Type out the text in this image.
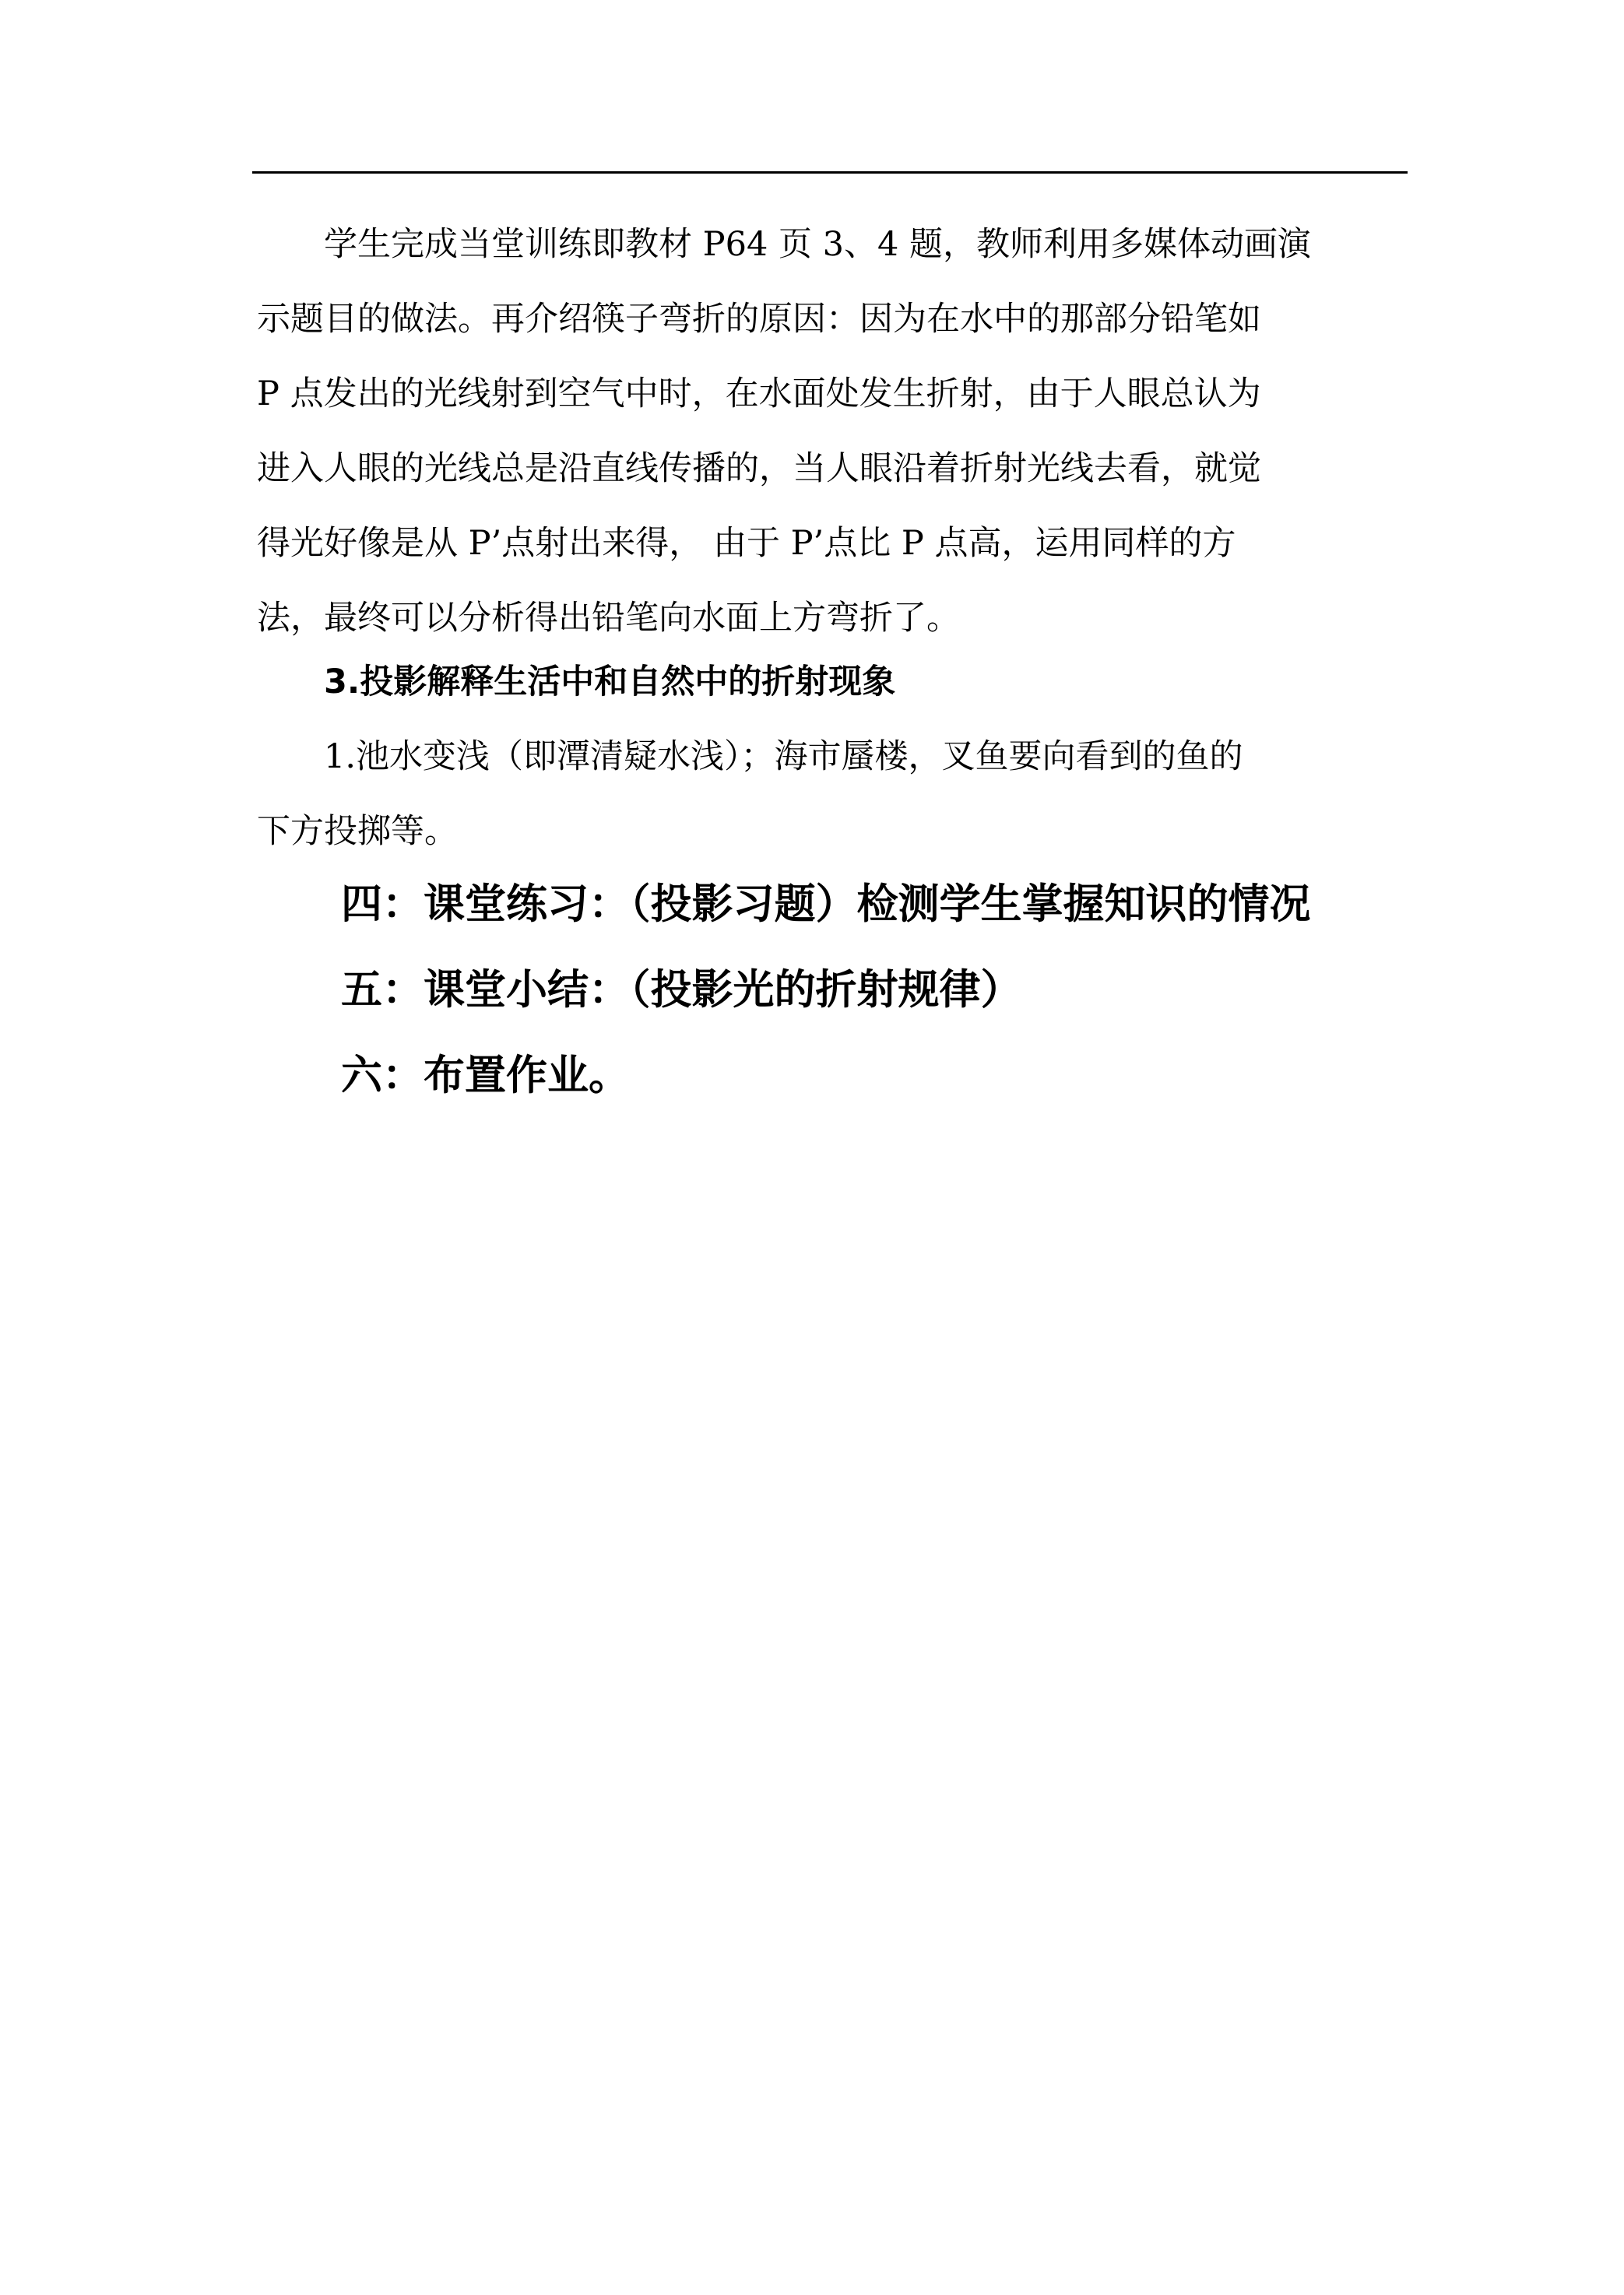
　　学生完成当堂训练即教材 P64 页 3、4 题，教师利用多媒体动画演
示题目的做法。再介绍筷子弯折的原因：因为在水中的那部分铅笔如
P 点发出的光线射到空气中时，在水面处发生折射，由于人眼总认为
进入人眼的光线总是沿直线传播的，当人眼沿着折射光线去看，就觉
得光好像是从 P’点射出来得， 由于 P’点比 P 点高，运用同样的方
法，最终可以分析得出铅笔向水面上方弯折了。

　　3.投影解释生活中和自然中的折射现象

　　1.池水变浅（即潭清疑水浅）；海市蜃楼，叉鱼要向看到的鱼的
下方投掷等。

四：课堂练习：（投影习题）检测学生掌握知识的情况

五：课堂小结：（投影光的折射规律）

六：布置作业。
